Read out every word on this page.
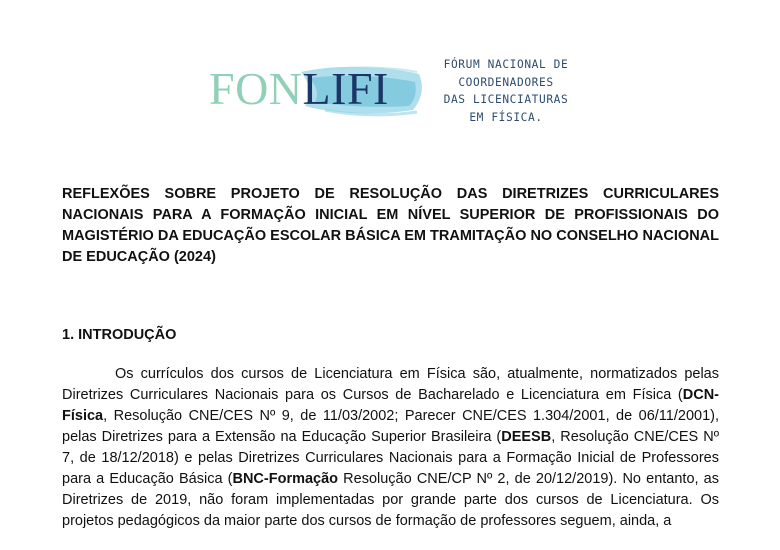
FONLIFI	FÓRUM NACIONAL DE
COORDENADORES
DAS LICENCIATURAS
EM FÍSICA.

REFLEXÕES SOBRE PROJETO DE RESOLUÇÃO DAS DIRETRIZES CURRICULARES NACIONAIS PARA A FORMAÇÃO INICIAL EM NÍVEL SUPERIOR DE PROFISSIONAIS DO MAGISTÉRIO DA EDUCAÇÃO ESCOLAR BÁSICA EM TRAMITAÇÃO NO CONSELHO NACIONAL DE EDUCAÇÃO (2024)

1. INTRODUÇÃO

Os currículos dos cursos de Licenciatura em Física são, atualmente, normatizados pelas Diretrizes Curriculares Nacionais para os Cursos de Bacharelado e Licenciatura em Física (DCN-Física, Resolução CNE/CES Nº 9, de 11/03/2002; Parecer CNE/CES 1.304/2001, de 06/11/2001), pelas Diretrizes para a Extensão na Educação Superior Brasileira (DEESB, Resolução CNE/CES Nº 7, de 18/12/2018) e pelas Diretrizes Curriculares Nacionais para a Formação Inicial de Professores para a Educação Básica (BNC-Formação Resolução CNE/CP Nº 2, de 20/12/2019). No entanto, as Diretrizes de 2019, não foram implementadas por grande parte dos cursos de Licenciatura. Os projetos pedagógicos da maior parte dos cursos de formação de professores seguem, ainda, a
